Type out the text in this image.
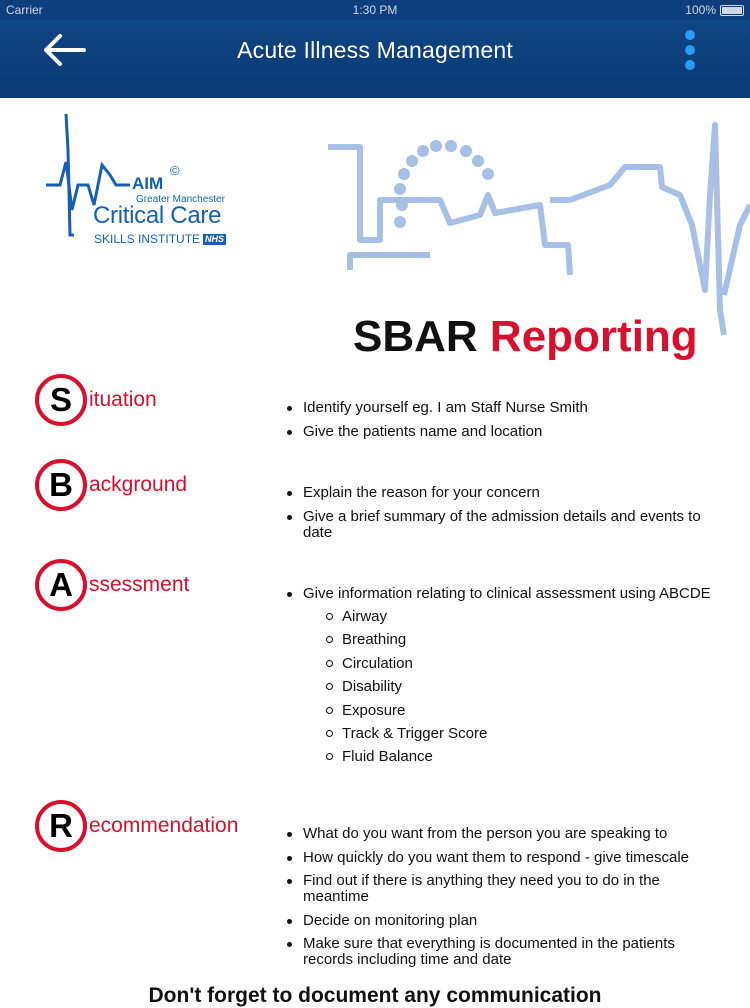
Carrier	1:30 PM	100%
Acute Illness Management
AIM
©
Greater Manchester
Critical Care
SKILLS INSTITUTE NHS
SBAR Reporting
S ituation	Identify yourself eg. I am Staff Nurse Smith
Give the patients name and location
B ackground	Explain the reason for your concern
Give a brief summary of the admission details and events to date
A ssessment	Give information relating to clinical assessment using ABCDE
Airway
Breathing
Circulation
Disability
Exposure
Track & Trigger Score
Fluid Balance
R ecommendation	What do you want from the person you are speaking to
How quickly do you want them to respond - give timescale
Find out if there is anything they need you to do in the meantime
Decide on monitoring plan
Make sure that everything is documented in the patients records including time and date
Don't forget to document any communication
